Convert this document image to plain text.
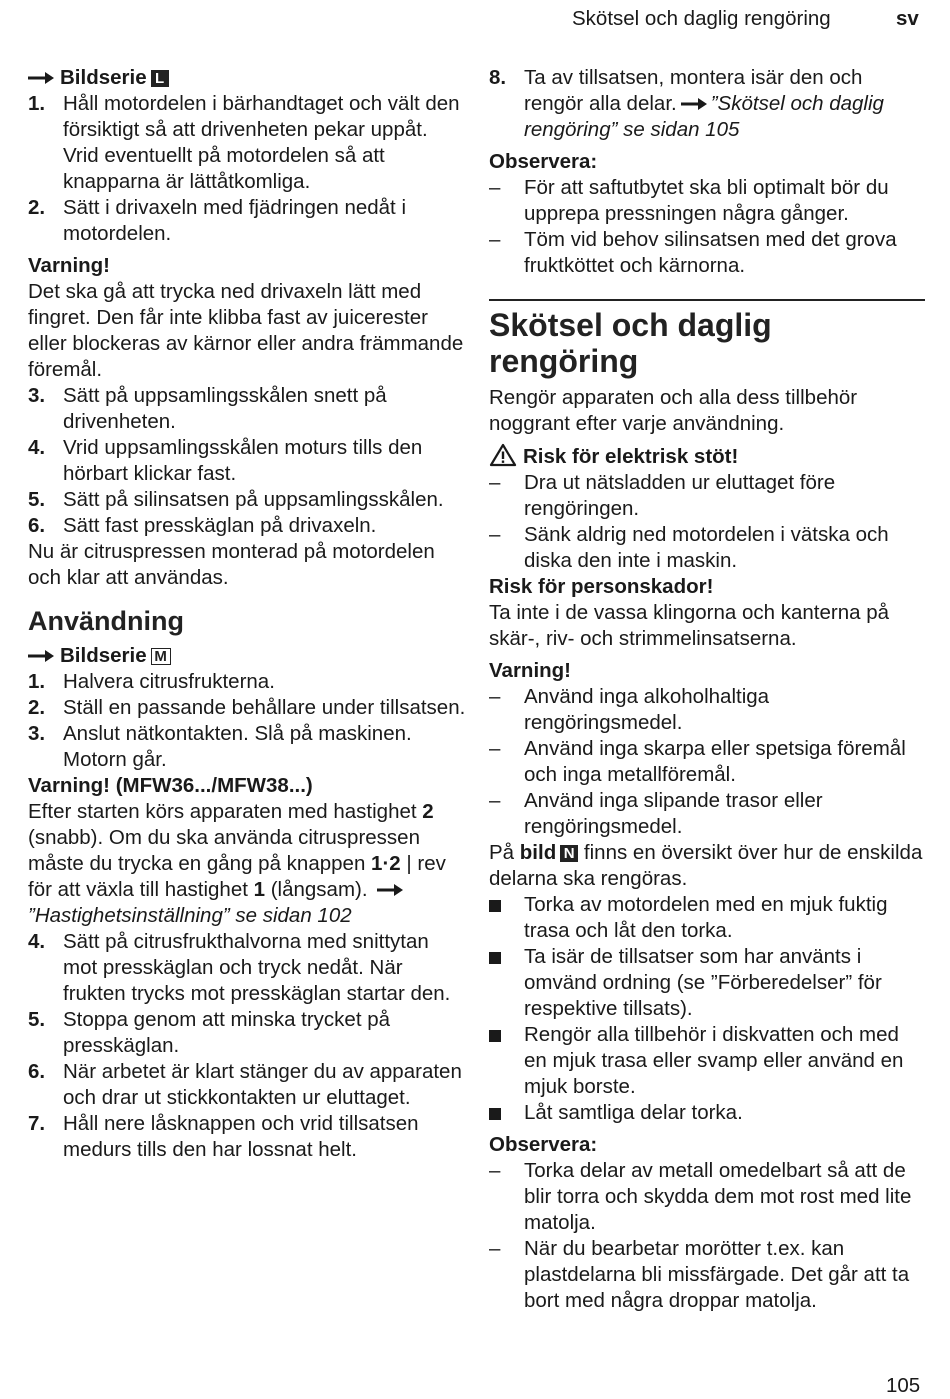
Skötsel och daglig rengöring	sv

Bildserie L

1. Håll motordelen i bärhandtaget och vält den försiktigt så att drivenheten pekar uppåt. Vrid eventuellt på motordelen så att knapparna är lättåtkomliga.

2. Sätt i drivaxeln med fjädringen nedåt i motordelen.

Varning!

Det ska gå att trycka ned drivaxeln lätt med fingret. Den får inte klibba fast av juicerester eller blockeras av kärnor eller andra främmande föremål.

3. Sätt på uppsamlingsskålen snett på drivenheten.

4. Vrid uppsamlingsskålen moturs tills den hörbart klickar fast.

5. Sätt på silinsatsen på uppsamlingsskålen.

6. Sätt fast presskäglan på drivaxeln.

Nu är citruspressen monterad på motordelen och klar att användas.

Användning

Bildserie M

1. Halvera citrusfrukterna.

2. Ställ en passande behållare under tillsatsen.

3. Anslut nätkontakten. Slå på maskinen. Motorn går.

Varning! (MFW36.../MFW38...)

Efter starten körs apparaten med hastighet 2 (snabb). Om du ska använda citruspressen måste du trycka en gång på knappen 1·2 | rev för att växla till hastighet 1 (långsam). ”Hastighetsinställning” se sidan 102

4. Sätt på citrusfrukthalvorna med snittytan mot presskäglan och tryck nedåt. När frukten trycks mot presskäglan startar den.

5. Stoppa genom att minska trycket på presskäglan.

6. När arbetet är klart stänger du av apparaten och drar ut stickkontakten ur eluttaget.

7. Håll nere låsknappen och vrid tillsatsen medurs tills den har lossnat helt.

8. Ta av tillsatsen, montera isär den och rengör alla delar. ”Skötsel och daglig rengöring” se sidan 105

Observera:

– För att saftutbytet ska bli optimalt bör du upprepa pressningen några gånger.

– Töm vid behov silinsatsen med det grova fruktköttet och kärnorna.

Skötsel och daglig rengöring

Rengör apparaten och alla dess tillbehör noggrant efter varje användning.

Risk för elektrisk stöt!

– Dra ut nätsladden ur eluttaget före rengöringen.

– Sänk aldrig ned motordelen i vätska och diska den inte i maskin.

Risk för personskador!

Ta inte i de vassa klingorna och kanterna på skär-, riv- och strimmelinsatserna.

Varning!

– Använd inga alkoholhaltiga rengöringsmedel.

– Använd inga skarpa eller spetsiga föremål och inga metallföremål.

– Använd inga slipande trasor eller rengöringsmedel.

På bild N finns en översikt över hur de enskilda delarna ska rengöras.

Torka av motordelen med en mjuk fuktig trasa och låt den torka.

Ta isär de tillsatser som har använts i omvänd ordning (se ”Förberedelser” för respektive tillsats).

Rengör alla tillbehör i diskvatten och med en mjuk trasa eller svamp eller använd en mjuk borste.

Låt samtliga delar torka.

Observera:

– Torka delar av metall omedelbart så att de blir torra och skydda dem mot rost med lite matolja.

– När du bearbetar morötter t.ex. kan plastdelarna bli missfärgade. Det går att ta bort med några droppar matolja.

105
